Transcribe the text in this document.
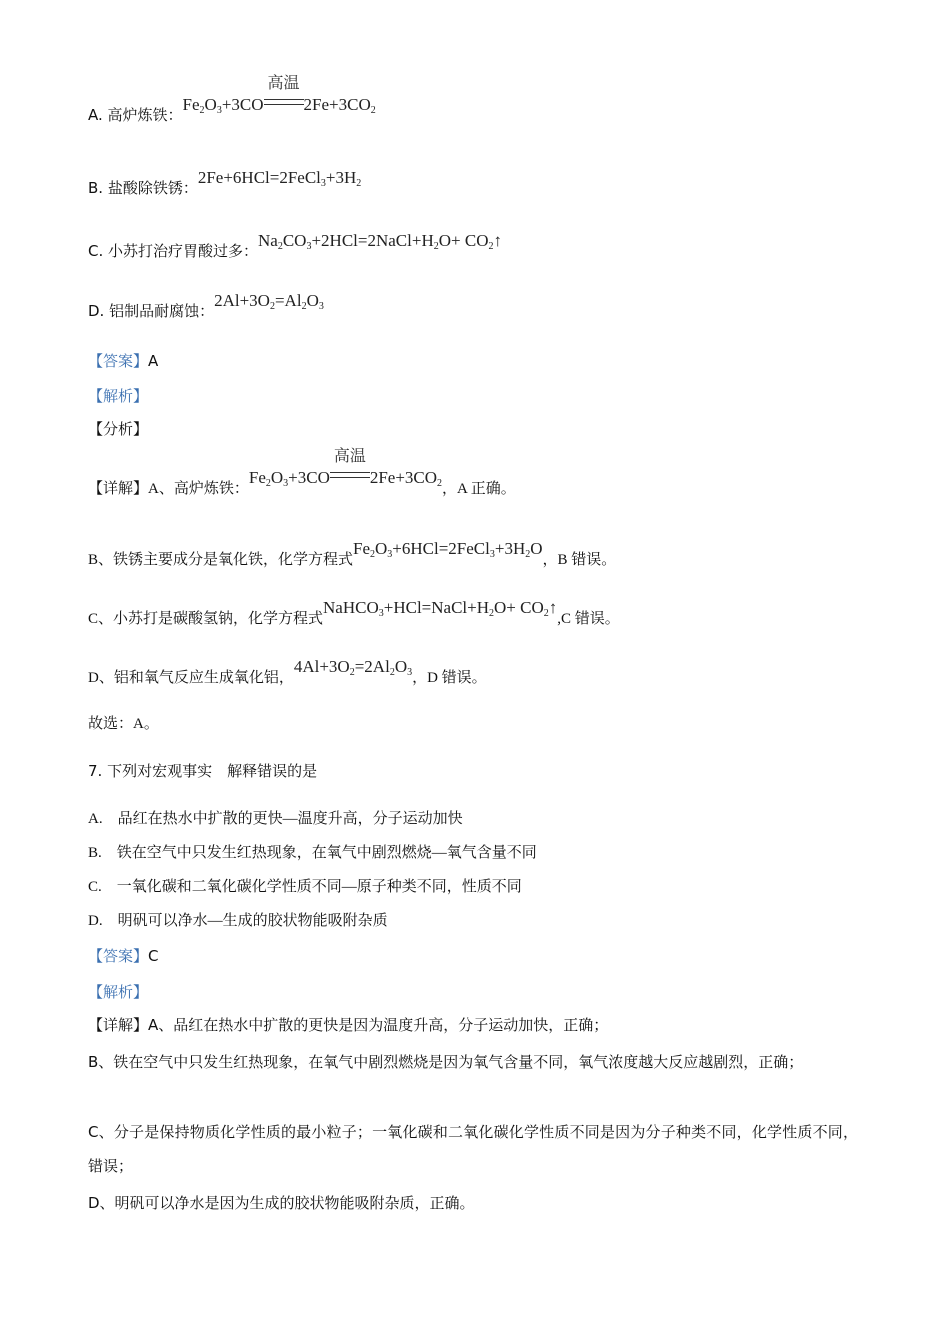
A. 高炉炼铁：$Fe_2O_3+3CO$
高温
$2Fe+3CO_2$
B. 盐酸除铁锈：$2Fe+6HCl=2FeCl_3+3H_2$
C. 小苏打治疗胃酸过多：$Na_2CO_3+2HCl=2NaCl+H_2O+$ $CO_2↑$
D. 铝制品耐腐蚀：$2Al+3O_2=Al_2O_3$
【答案】A
【解析】
【分析】
【详解】A、高炉炼铁：$Fe_2O_3+3CO$
高温
$2Fe+3CO_2$，A 正确。
B、铁锈主要成分是氧化铁，化学方程式$Fe_2O_3+6HCl=2FeCl_3+3H_2O$，B 错误。
C、小苏打是碳酸氢钠，化学方程式$NaHCO_3+HCl=NaCl+H_2O+$ $CO_2↑,C$ 错误。
D、铝和氧气反应生成氧化铝，$4Al+3O_2=2Al_2O_3$，D 错误。
故选：A。
7. 下列对宏观事实　解释错误的是
A.　品红在热水中扩散的更快—温度升高，分子运动加快
B.　铁在空气中只发生红热现象，在氧气中剧烈燃烧—氧气含量不同
C.　一氧化碳和二氧化碳化学性质不同—原子种类不同，性质不同
D.　明矾可以净水—生成的胶状物能吸附杂质
【答案】C
【解析】
【详解】A、品红在热水中扩散的更快是因为温度升高，分子运动加快，正确；
B、铁在空气中只发生红热现象，在氧气中剧烈燃烧是因为氧气含量不同，氧气浓度越大反应越剧烈，正确；
C、分子是保持物质化学性质的最小粒子；一氧化碳和二氧化碳化学性质不同是因为分子种类不同，化学性质不同，错误；
D、明矾可以净水是因为生成的胶状物能吸附杂质，正确。
